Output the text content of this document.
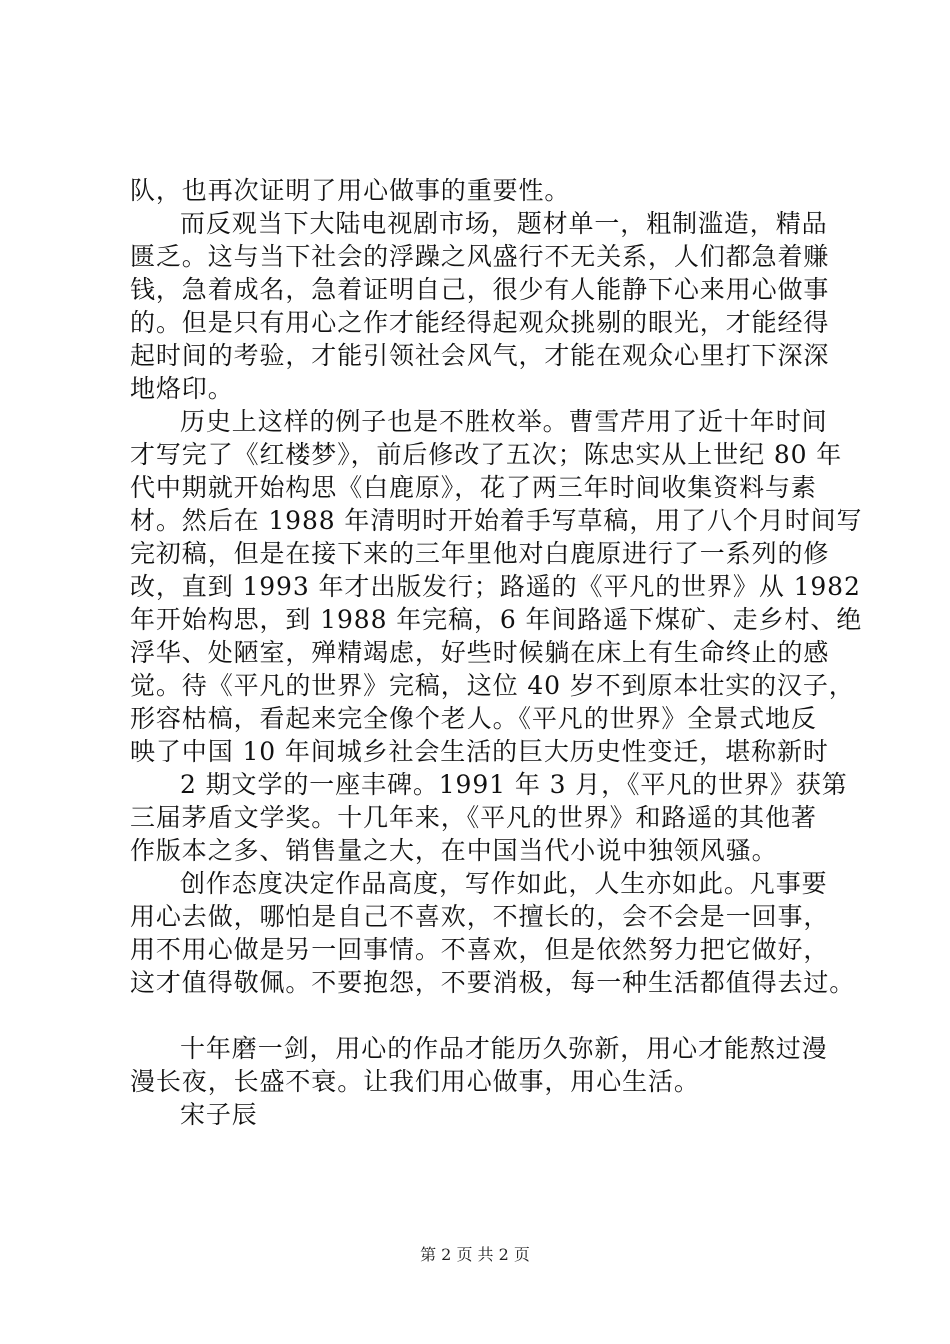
队，也再次证明了用心做事的重要性。
而反观当下大陆电视剧市场，题材单一，粗制滥造，精品
匮乏。这与当下社会的浮躁之风盛行不无关系，人们都急着赚
钱，急着成名，急着证明自己，很少有人能静下心来用心做事
的。但是只有用心之作才能经得起观众挑剔的眼光，才能经得
起时间的考验，才能引领社会风气，才能在观众心里打下深深
地烙印。
历史上这样的例子也是不胜枚举。曹雪芹用了近十年时间
才写完了《红楼梦》，前后修改了五次；陈忠实从上世纪 80 年
代中期就开始构思《白鹿原》，花了两三年时间收集资料与素
材。然后在 1988 年清明时开始着手写草稿，用了八个月时间写
完初稿，但是在接下来的三年里他对白鹿原进行了一系列的修
改，直到 1993 年才出版发行；路遥的《平凡的世界》从 1982
年开始构思，到 1988 年完稿，6 年间路遥下煤矿、走乡村、绝
浮华、处陋室，殚精竭虑，好些时候躺在床上有生命终止的感
觉。待《平凡的世界》完稿，这位 40 岁不到原本壮实的汉子，
形容枯槁，看起来完全像个老人。《平凡的世界》全景式地反
映了中国 10 年间城乡社会生活的巨大历史性变迁，堪称新时
2 期文学的一座丰碑。1991 年 3 月，《平凡的世界》获第
三届茅盾文学奖。十几年来，《平凡的世界》和路遥的其他著
作版本之多、销售量之大，在中国当代小说中独领风骚。
创作态度决定作品高度，写作如此，人生亦如此。凡事要
用心去做，哪怕是自己不喜欢，不擅长的，会不会是一回事，
用不用心做是另一回事情。不喜欢，但是依然努力把它做好，
这才值得敬佩。不要抱怨，不要消极，每一种生活都值得去过。
十年磨一剑，用心的作品才能历久弥新，用心才能熬过漫
漫长夜，长盛不衰。让我们用心做事，用心生活。
宋子辰
第 2 页 共 2 页
